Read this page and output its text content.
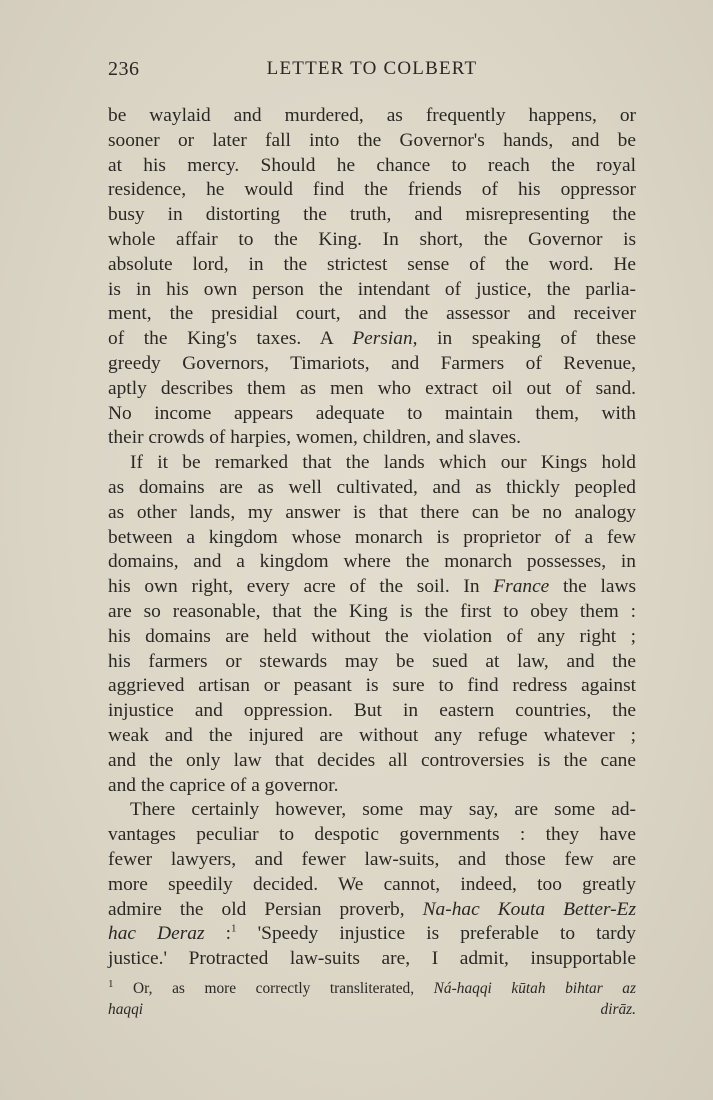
236	LETTER TO COLBERT
be waylaid and murdered, as frequently happens, or
sooner or later fall into the Governor's hands, and be
at his mercy. Should he chance to reach the royal
residence, he would find the friends of his oppressor
busy in distorting the truth, and misrepresenting the
whole affair to the King. In short, the Governor is
absolute lord, in the strictest sense of the word. He
is in his own person the intendant of justice, the parlia-
ment, the presidial court, and the assessor and receiver
of the King's taxes. A Persian, in speaking of these
greedy Governors, Timariots, and Farmers of Revenue,
aptly describes them as men who extract oil out of sand.
No income appears adequate to maintain them, with
their crowds of harpies, women, children, and slaves.
If it be remarked that the lands which our Kings hold
as domains are as well cultivated, and as thickly peopled
as other lands, my answer is that there can be no analogy
between a kingdom whose monarch is proprietor of a few
domains, and a kingdom where the monarch possesses, in
his own right, every acre of the soil. In France the laws
are so reasonable, that the King is the first to obey them :
his domains are held without the violation of any right ;
his farmers or stewards may be sued at law, and the
aggrieved artisan or peasant is sure to find redress against
injustice and oppression. But in eastern countries, the
weak and the injured are without any refuge whatever ;
and the only law that decides all controversies is the cane
and the caprice of a governor.
There certainly however, some may say, are some ad-
vantages peculiar to despotic governments : they have
fewer lawyers, and fewer law-suits, and those few are
more speedily decided. We cannot, indeed, too greatly
admire the old Persian proverb, Na-hac Kouta Better-Ez
hac Deraz :$^1$ 'Speedy injustice is preferable to tardy
justice.' Protracted law-suits are, I admit, insupportable
$^1$ Or, as more correctly transliterated, Ná-haqqi kūtah bihtar az
haqqi dirāz.
